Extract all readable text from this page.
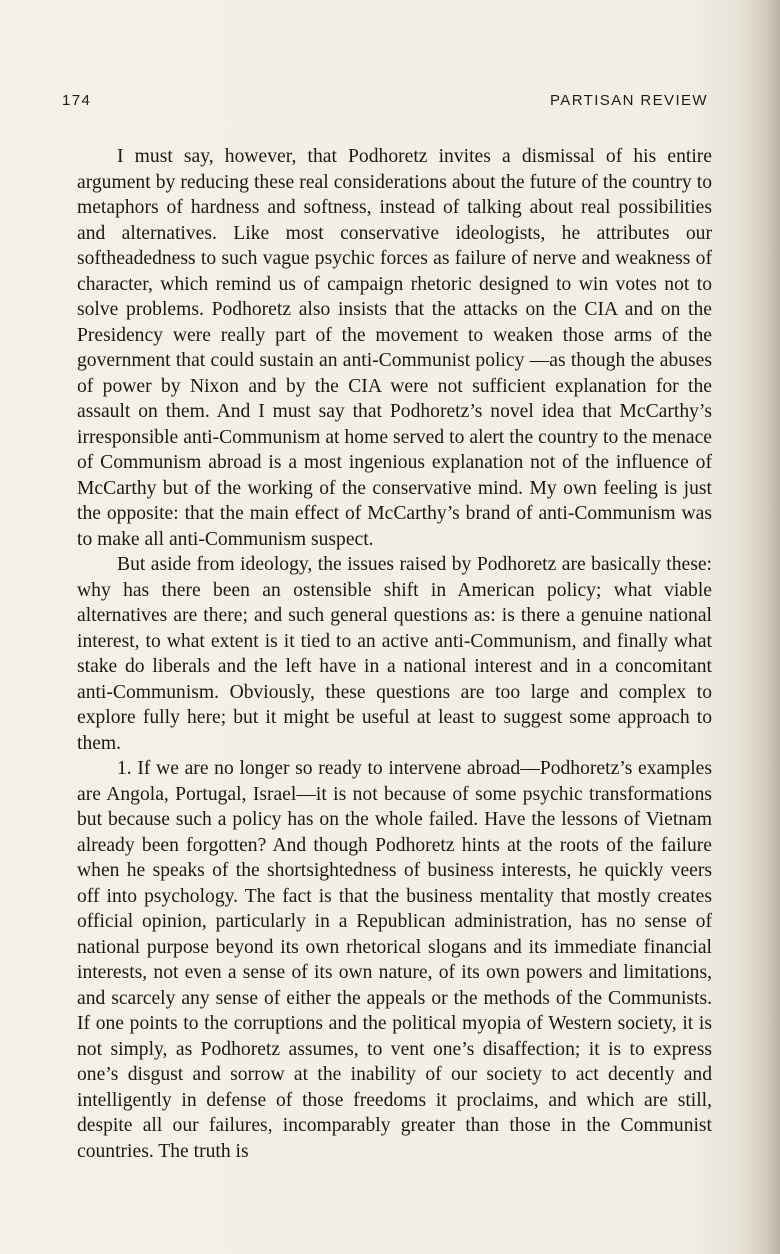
174	PARTISAN REVIEW

I must say, however, that Podhoretz invites a dismissal of his entire argument by reducing these real considerations about the future of the country to metaphors of hardness and softness, instead of talking about real possibilities and alternatives. Like most conservative ideologists, he attributes our softheadedness to such vague psychic forces as failure of nerve and weakness of character, which remind us of campaign rhetoric designed to win votes not to solve problems. Podhoretz also insists that the attacks on the CIA and on the Presidency were really part of the movement to weaken those arms of the government that could sustain an anti-Communist policy —as though the abuses of power by Nixon and by the CIA were not sufficient explanation for the assault on them. And I must say that Podhoretz’s novel idea that McCarthy’s irresponsible anti-Communism at home served to alert the country to the menace of Communism abroad is a most ingenious explanation not of the influence of McCarthy but of the working of the conservative mind. My own feeling is just the opposite: that the main effect of McCarthy’s brand of anti-Communism was to make all anti-Communism suspect.

But aside from ideology, the issues raised by Podhoretz are basically these: why has there been an ostensible shift in American policy; what viable alternatives are there; and such general questions as: is there a genuine national interest, to what extent is it tied to an active anti-Communism, and finally what stake do liberals and the left have in a national interest and in a concomitant anti-Communism. Obviously, these questions are too large and complex to explore fully here; but it might be useful at least to suggest some approach to them.

1. If we are no longer so ready to intervene abroad—Podhoretz’s examples are Angola, Portugal, Israel—it is not because of some psychic transformations but because such a policy has on the whole failed. Have the lessons of Vietnam already been forgotten? And though Podhoretz hints at the roots of the failure when he speaks of the shortsightedness of business interests, he quickly veers off into psychology. The fact is that the business mentality that mostly creates official opinion, particularly in a Republican administration, has no sense of national purpose beyond its own rhetorical slogans and its immediate financial interests, not even a sense of its own nature, of its own powers and limitations, and scarcely any sense of either the appeals or the methods of the Communists. If one points to the corruptions and the political myopia of Western society, it is not simply, as Podhoretz assumes, to vent one’s disaffection; it is to express one’s disgust and sorrow at the inability of our society to act decently and intelligently in defense of those freedoms it proclaims, and which are still, despite all our failures, incomparably greater than those in the Communist countries. The truth is
